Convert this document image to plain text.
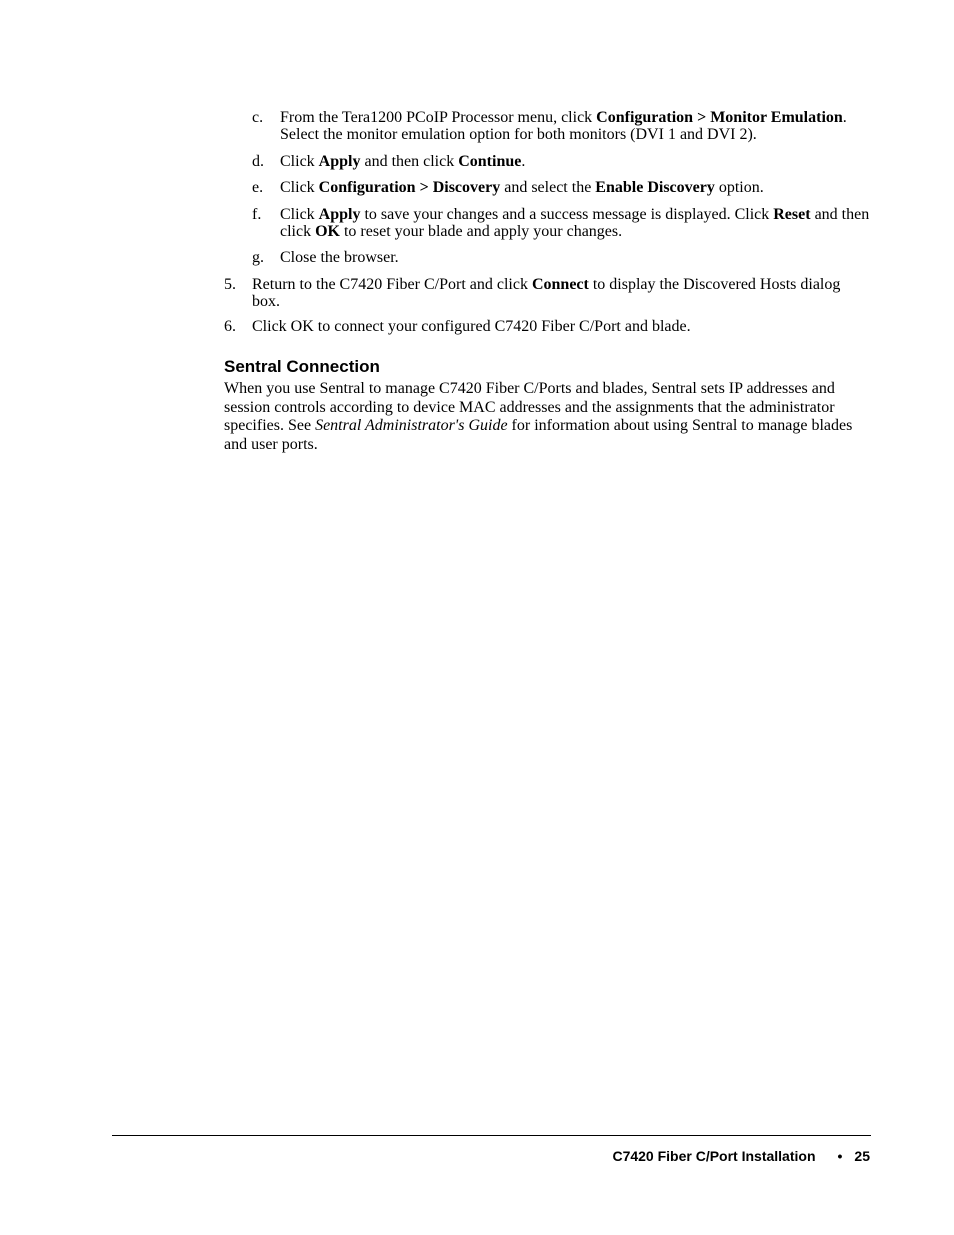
c. From the Tera1200 PCoIP Processor menu, click Configuration > Monitor Emulation. Select the monitor emulation option for both monitors (DVI 1 and DVI 2).
d. Click Apply and then click Continue.
e. Click Configuration > Discovery and select the Enable Discovery option.
f. Click Apply to save your changes and a success message is displayed. Click Reset and then click OK to reset your blade and apply your changes.
g. Close the browser.
5. Return to the C7420 Fiber C/Port and click Connect to display the Discovered Hosts dialog box.
6. Click OK to connect your configured C7420 Fiber C/Port and blade.
Sentral Connection
When you use Sentral to manage C7420 Fiber C/Ports and blades, Sentral sets IP addresses and session controls according to device MAC addresses and the assignments that the administrator specifies. See Sentral Administrator's Guide for information about using Sentral to manage blades and user ports.
C7420 Fiber C/Port Installation • 25
